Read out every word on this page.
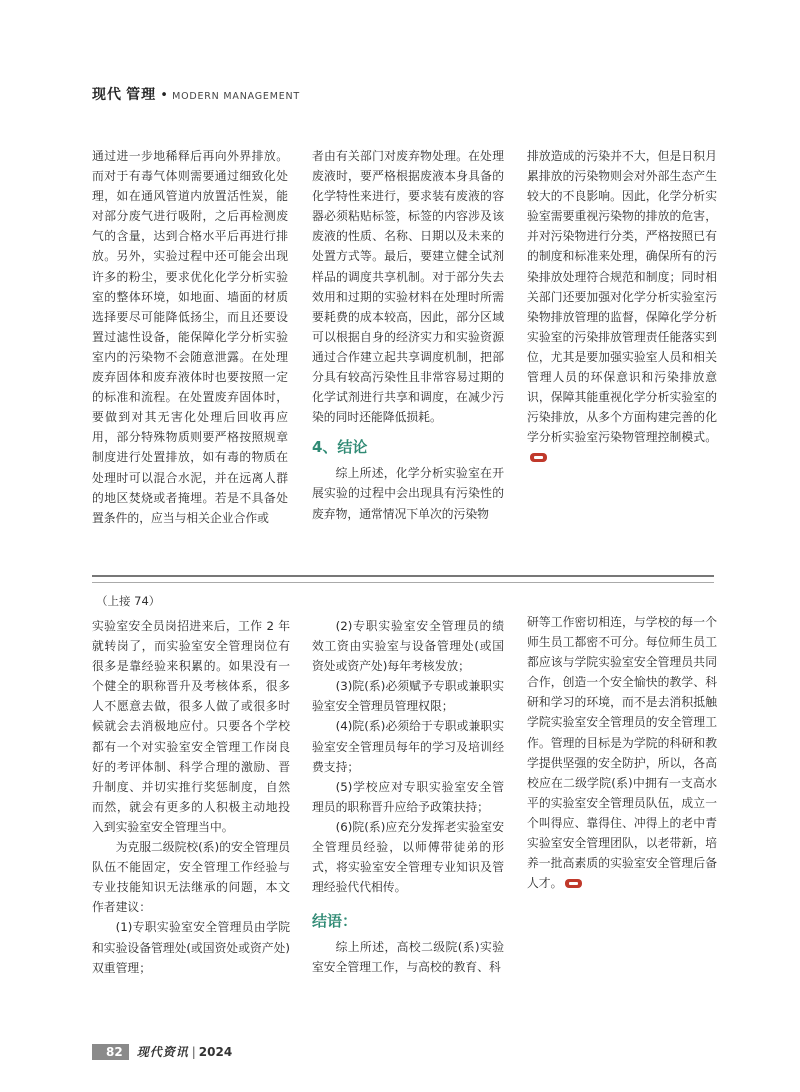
现代 管理 • MODERN MANAGEMENT

通过进一步地稀释后再向外界排放。而对于有毒气体则需要通过细致化处理，如在通风管道内放置活性炭，能对部分废气进行吸附，之后再检测废气的含量，达到合格水平后再进行排放。另外，实验过程中还可能会出现许多的粉尘，要求优化化学分析实验室的整体环境，如地面、墙面的材质选择要尽可能降低扬尘，而且还要设置过滤性设备，能保障化学分析实验室内的污染物不会随意泄露。在处理废弃固体和废弃液体时也要按照一定的标准和流程。在处置废弃固体时，要做到对其无害化处理后回收再应用，部分特殊物质则要严格按照规章制度进行处置排放，如有毒的物质在处理时可以混合水泥，并在远离人群的地区焚烧或者掩埋。若是不具备处置条件的，应当与相关企业合作或

者由有关部门对废弃物处理。在处理废液时，要严格根据废液本身具备的化学特性来进行，要求装有废液的容器必须粘贴标签，标签的内容涉及该废液的性质、名称、日期以及未来的处置方式等。最后，要建立健全试剂样品的调度共享机制。对于部分失去效用和过期的实验材料在处理时所需要耗费的成本较高，因此，部分区域可以根据自身的经济实力和实验资源通过合作建立起共享调度机制，把部分具有较高污染性且非常容易过期的化学试剂进行共享和调度，在减少污染的同时还能降低损耗。

4、结论

综上所述，化学分析实验室在开展实验的过程中会出现具有污染性的废弃物，通常情况下单次的污染物

排放造成的污染并不大，但是日积月累排放的污染物则会对外部生态产生较大的不良影响。因此，化学分析实验室需要重视污染物的排放的危害，并对污染物进行分类，严格按照已有的制度和标准来处理，确保所有的污染排放处理符合规范和制度；同时相关部门还要加强对化学分析实验室污染物排放管理的监督，保障化学分析实验室的污染排放管理责任能落实到位，尤其是要加强实验室人员和相关管理人员的环保意识和污染排放意识，保障其能重视化学分析实验室的污染排放，从多个方面构建完善的化学分析实验室污染物管理控制模式。

（上接 74）

实验室安全员岗招进来后，工作 2 年就转岗了，而实验室安全管理岗位有很多是靠经验来积累的。如果没有一个健全的职称晋升及考核体系，很多人不愿意去做，很多人做了或很多时候就会去消极地应付。只要各个学校都有一个对实验室安全管理工作岗良好的考评体制、科学合理的激励、晋升制度、并切实推行奖惩制度，自然而然，就会有更多的人积极主动地投入到实验室安全管理当中。

为克服二级院校(系)的安全管理员队伍不能固定，安全管理工作经验与专业技能知识无法继承的问题，本文作者建议：

(1)专职实验室安全管理员由学院和实验设备管理处(或国资处或资产处)双重管理；

(2)专职实验室安全管理员的绩效工资由实验室与设备管理处(或国资处或资产处)每年考核发放；

(3)院(系)必须赋予专职或兼职实验室安全管理员管理权限；

(4)院(系)必须给于专职或兼职实验室安全管理员每年的学习及培训经费支持；

(5)学校应对专职实验室安全管理员的职称晋升应给予政策扶持；

(6)院(系)应充分发挥老实验室安全管理员经验，以师傅带徒弟的形式，将实验室安全管理专业知识及管理经验代代相传。

结语：

综上所述，高校二级院(系)实验室安全管理工作，与高校的教育、科

研等工作密切相连，与学校的每一个师生员工都密不可分。每位师生员工都应该与学院实验室安全管理员共同合作，创造一个安全愉快的教学、科研和学习的环境，而不是去消积抵触学院实验室安全管理员的安全管理工作。管理的目标是为学院的科研和教学提供坚强的安全防护，所以，各高校应在二级学院(系)中拥有一支高水平的实验室安全管理员队伍，成立一个叫得应、靠得住、冲得上的老中青实验室安全管理团队，以老带新，培养一批高素质的实验室安全管理后备人才。

82	现代资讯 | 2024
